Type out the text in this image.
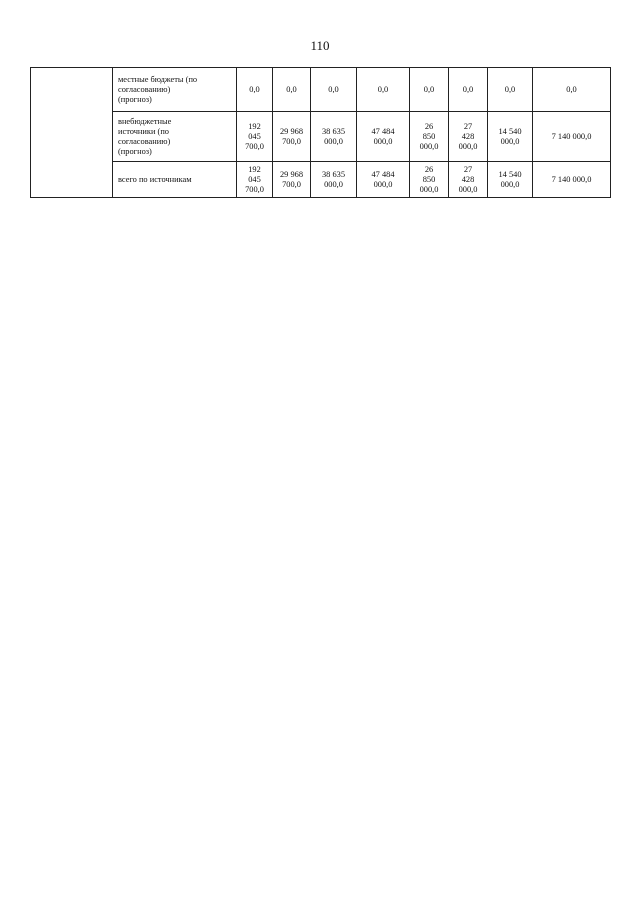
110

	местные бюджеты (по
согласованию)
(прогноз)	0,0	0,0	0,0	0,0	0,0	0,0	0,0	0,0

	внебюджетные
источники (по
согласованию)
(прогноз)	192
045
700,0	29 968
700,0	38 635
000,0	47 484
000,0	26
850
000,0	27
428
000,0	14 540
000,0	7 140 000,0

	всего по источникам	192
045
700,0	29 968
700,0	38 635
000,0	47 484
000,0	26
850
000,0	27
428
000,0	14 540
000,0	7 140 000,0
